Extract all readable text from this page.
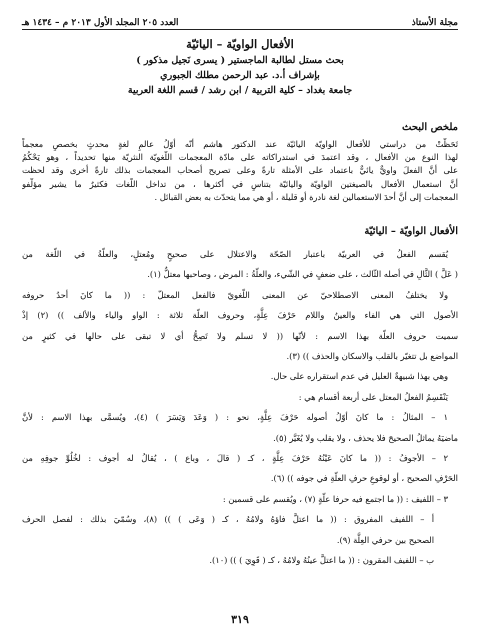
مجلة الأستاذ
العدد ٢٠٥ المجلد الأول ٢٠١٣ م – ١٤٣٤ هـ
الأفعال الواويّة – اليائيّة
بحث مستل لطالبة الماجستير ( يسرى نَجيل مذكور )
بإشراف أ.د. عبد الرحمن مطلك الجبوري
جامعة بغداد – كلية التربية / ابن رشد / قسم اللغة العربية
ملخص البحث
تَحَظَّتْ من دراستي للأفعال الواويّة اليائيّة عند الدكتور هاشم أنّه أوّلُ عالمٍ لغةٍ محدثٍ بخصصٍ معجماً
لهذا النوع من الأفعال ، وقد اعتمدَ في استدراكاته على مادّة المعجمات اللّغويّة النثريّة منها تحديداً ، وهو يَحْكُمُ
على أنَّ الفعلَ واويٌّ يائيٌّ باعتماد على الأمثلة تارةً وعلى تصريح أصحاب المعجمات بذلك تارةً أخرى وقد لحظت
أنَّ استعمال الأفعال بالصيغتين الواويّة واليائيّة بتناسٍ في أكثرها ، من تداخل اللّغات فكثيرٌ ما يشير مؤلّفو
المعجمات إلى أنَّ أحدَ الاستعمالين لغة نادرة أو قليلة ، أو هي مما يتحدّث به بعض القبائل .
الأفعال الواويّة – اليائيّة
يُقسم الفعلُ في العربيّة باعتبار الصّحّة والاعتلال على صحيحٍ ومُعتلٍ، والعلّةُ في اللّغة من
( عَلَّ ) الثَّالِ في أصله الثّالث ، على ضعفٍ في الشّيء، والعلّةُ : المرض ، وصاحبها معتلٌّ (١).
ولا يختلفُ المعنى الاصطلاحيّ عن المعنى اللّغويّ فالفعل المعتلّ : (( ما كانَ أحدُ حروفه
الأصول التي هي الفاء والعينُ واللام حَرْفَ عِلَّةٍ، وحروف العلّة ثلاثة : الواو والياء والألف )) (٢) إذْ
سميت حروف العلّة بهذا الاسم : لأنّها (( لا تسلم ولا تَصِحُّ أي لا تبقى على حالها في كثيرٍ من
المواضع بل تتغيّر بالقلب والاسكان والحذف )) (٣).
وهي بهذا شبيهةٌ العليل في عدم استقراره على حال.
يَنْقَسِمُ الفعلُ المعتل على أربعة أقسام هي :
١ – المثالُ : ما كانَ أوّلُ أصوله حَرْفَ عِلَّةٍ، نحو : ( وَعَدَ وَيَسَرَ ) (٤)، ويُسمَّى بهذا الاسم : لأنَّ
ماضيَهُ يماثلُ الصحيحَ فلا يحذف ، ولا يقلب ولا يُغَيَّر (٥).
٢ – الأجوفُ : (( ما كانَ عَيْنُهُ حَرْفَ عِلَّةٍ ، كـ ( قالَ ، وباع ) ، يُقالُ له أجوف : لخُلُوِّ جوفِهِ من
الحَرْفِ الصحيح ، أو لوقوعِ حرفِ العلّةِ في جوفه )) (٦).
٣ – اللفيف : (( ما اجتمع فيه حرفا علّةٍ (٧) ، ويُقسم على قسمين :
أ – اللفيف المفروق : (( ما اعتلَّ فاؤهُ ولامُهُ ، كـ ( وَعَى ) )) (٨)، وسُمّيَ بذلك : لفصل الحرف
الصحيح بين حرفي العِلَّة (٩).
ب – اللفيف المقرون : (( ما اعتلَّ عينُهُ ولامُهُ ، كـ ( قَوِيَ ) )) (١٠).
٣١٩
